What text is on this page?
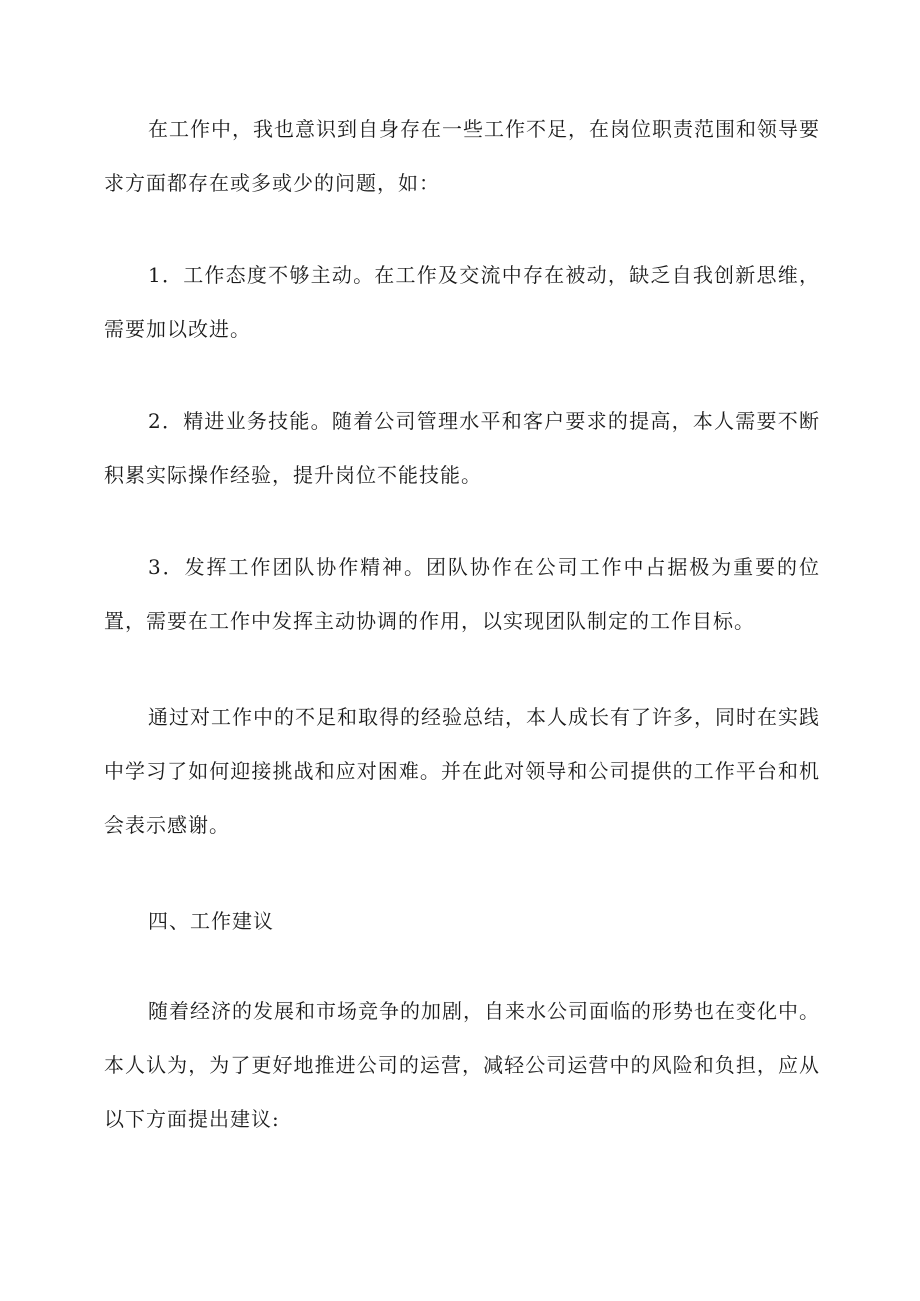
在工作中，我也意识到自身存在一些工作不足，在岗位职责范围和领导要求方面都存在或多或少的问题，如：

1．工作态度不够主动。在工作及交流中存在被动，缺乏自我创新思维，需要加以改进。

2．精进业务技能。随着公司管理水平和客户要求的提高，本人需要不断积累实际操作经验，提升岗位不能技能。

3．发挥工作团队协作精神。团队协作在公司工作中占据极为重要的位置，需要在工作中发挥主动协调的作用，以实现团队制定的工作目标。

通过对工作中的不足和取得的经验总结，本人成长有了许多，同时在实践中学习了如何迎接挑战和应对困难。并在此对领导和公司提供的工作平台和机会表示感谢。

四、工作建议

随着经济的发展和市场竞争的加剧，自来水公司面临的形势也在变化中。本人认为，为了更好地推进公司的运营，减轻公司运营中的风险和负担，应从以下方面提出建议:
